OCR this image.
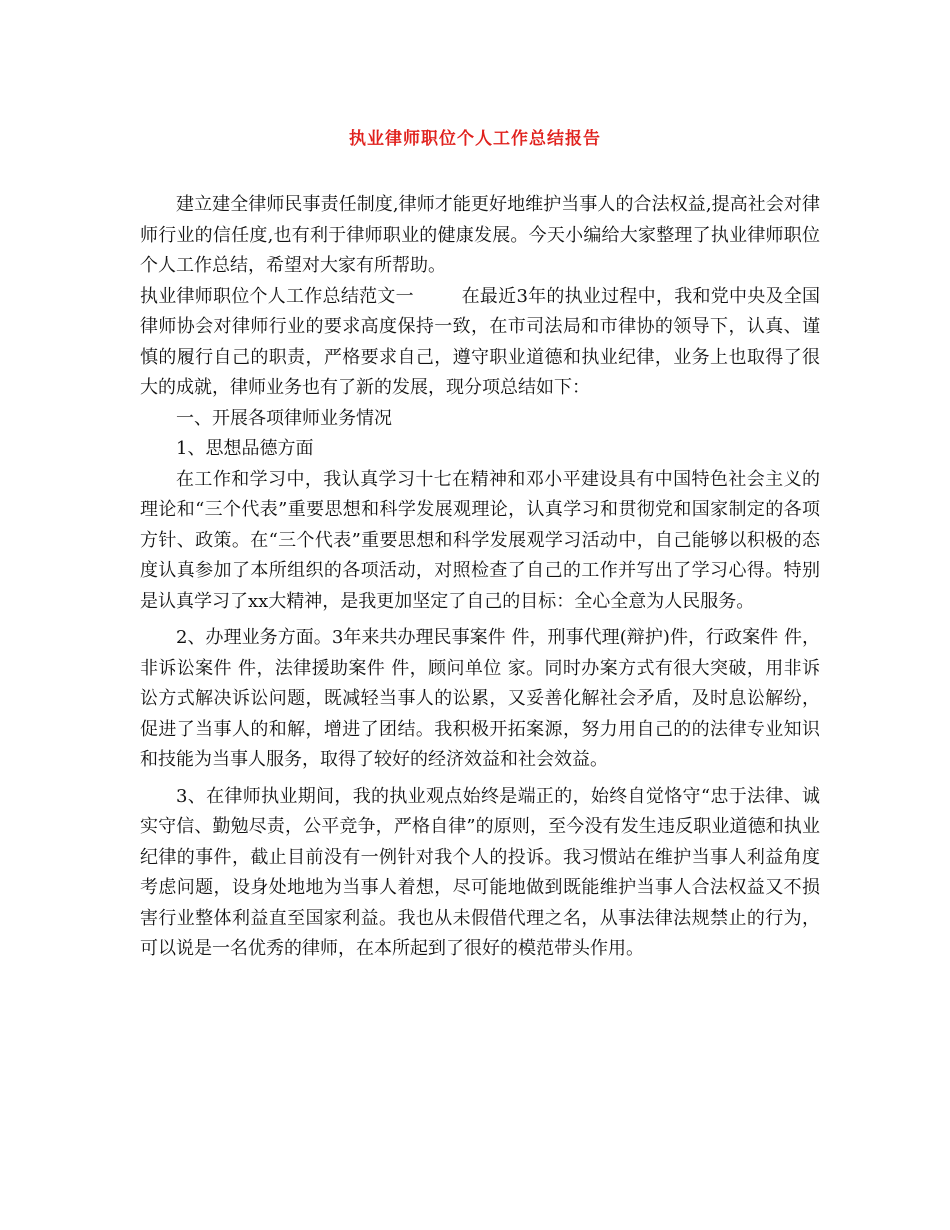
执业律师职位个人工作总结报告

建立建全律师民事责任制度,律师才能更好地维护当事人的合法权益,提高社会对律师行业的信任度,也有利于律师职业的健康发展。今天小编给大家整理了执业律师职位个人工作总结，希望对大家有所帮助。

执业律师职位个人工作总结范文一	在最近3年的执业过程中，我和党中央及全国律师协会对律师行业的要求高度保持一致，在市司法局和市律协的领导下，认真、谨慎的履行自己的职责，严格要求自己，遵守职业道德和执业纪律，业务上也取得了很大的成就，律师业务也有了新的发展，现分项总结如下：

一、开展各项律师业务情况

1、思想品德方面

在工作和学习中，我认真学习十七在精神和邓小平建设具有中国特色社会主义的理论和“三个代表”重要思想和科学发展观理论，认真学习和贯彻党和国家制定的各项方针、政策。在“三个代表”重要思想和科学发展观学习活动中，自己能够以积极的态度认真参加了本所组织的各项活动，对照检查了自己的工作并写出了学习心得。特别是认真学习了xx大精神，是我更加坚定了自己的目标：全心全意为人民服务。

2、办理业务方面。3年来共办理民事案件 件，刑事代理(辩护)件，行政案件 件，非诉讼案件 件，法律援助案件 件，顾问单位 家。同时办案方式有很大突破，用非诉讼方式解决诉讼问题，既减轻当事人的讼累，又妥善化解社会矛盾，及时息讼解纷，促进了当事人的和解，增进了团结。我积极开拓案源，努力用自己的的法律专业知识和技能为当事人服务，取得了较好的经济效益和社会效益。

3、在律师执业期间，我的执业观点始终是端正的，始终自觉恪守“忠于法律、诚实守信、勤勉尽责，公平竞争，严格自律”的原则，至今没有发生违反职业道德和执业纪律的事件，截止目前没有一例针对我个人的投诉。我习惯站在维护当事人利益角度考虑问题，设身处地地为当事人着想，尽可能地做到既能维护当事人合法权益又不损害行业整体利益直至国家利益。我也从未假借代理之名，从事法律法规禁止的行为，可以说是一名优秀的律师，在本所起到了很好的模范带头作用。
